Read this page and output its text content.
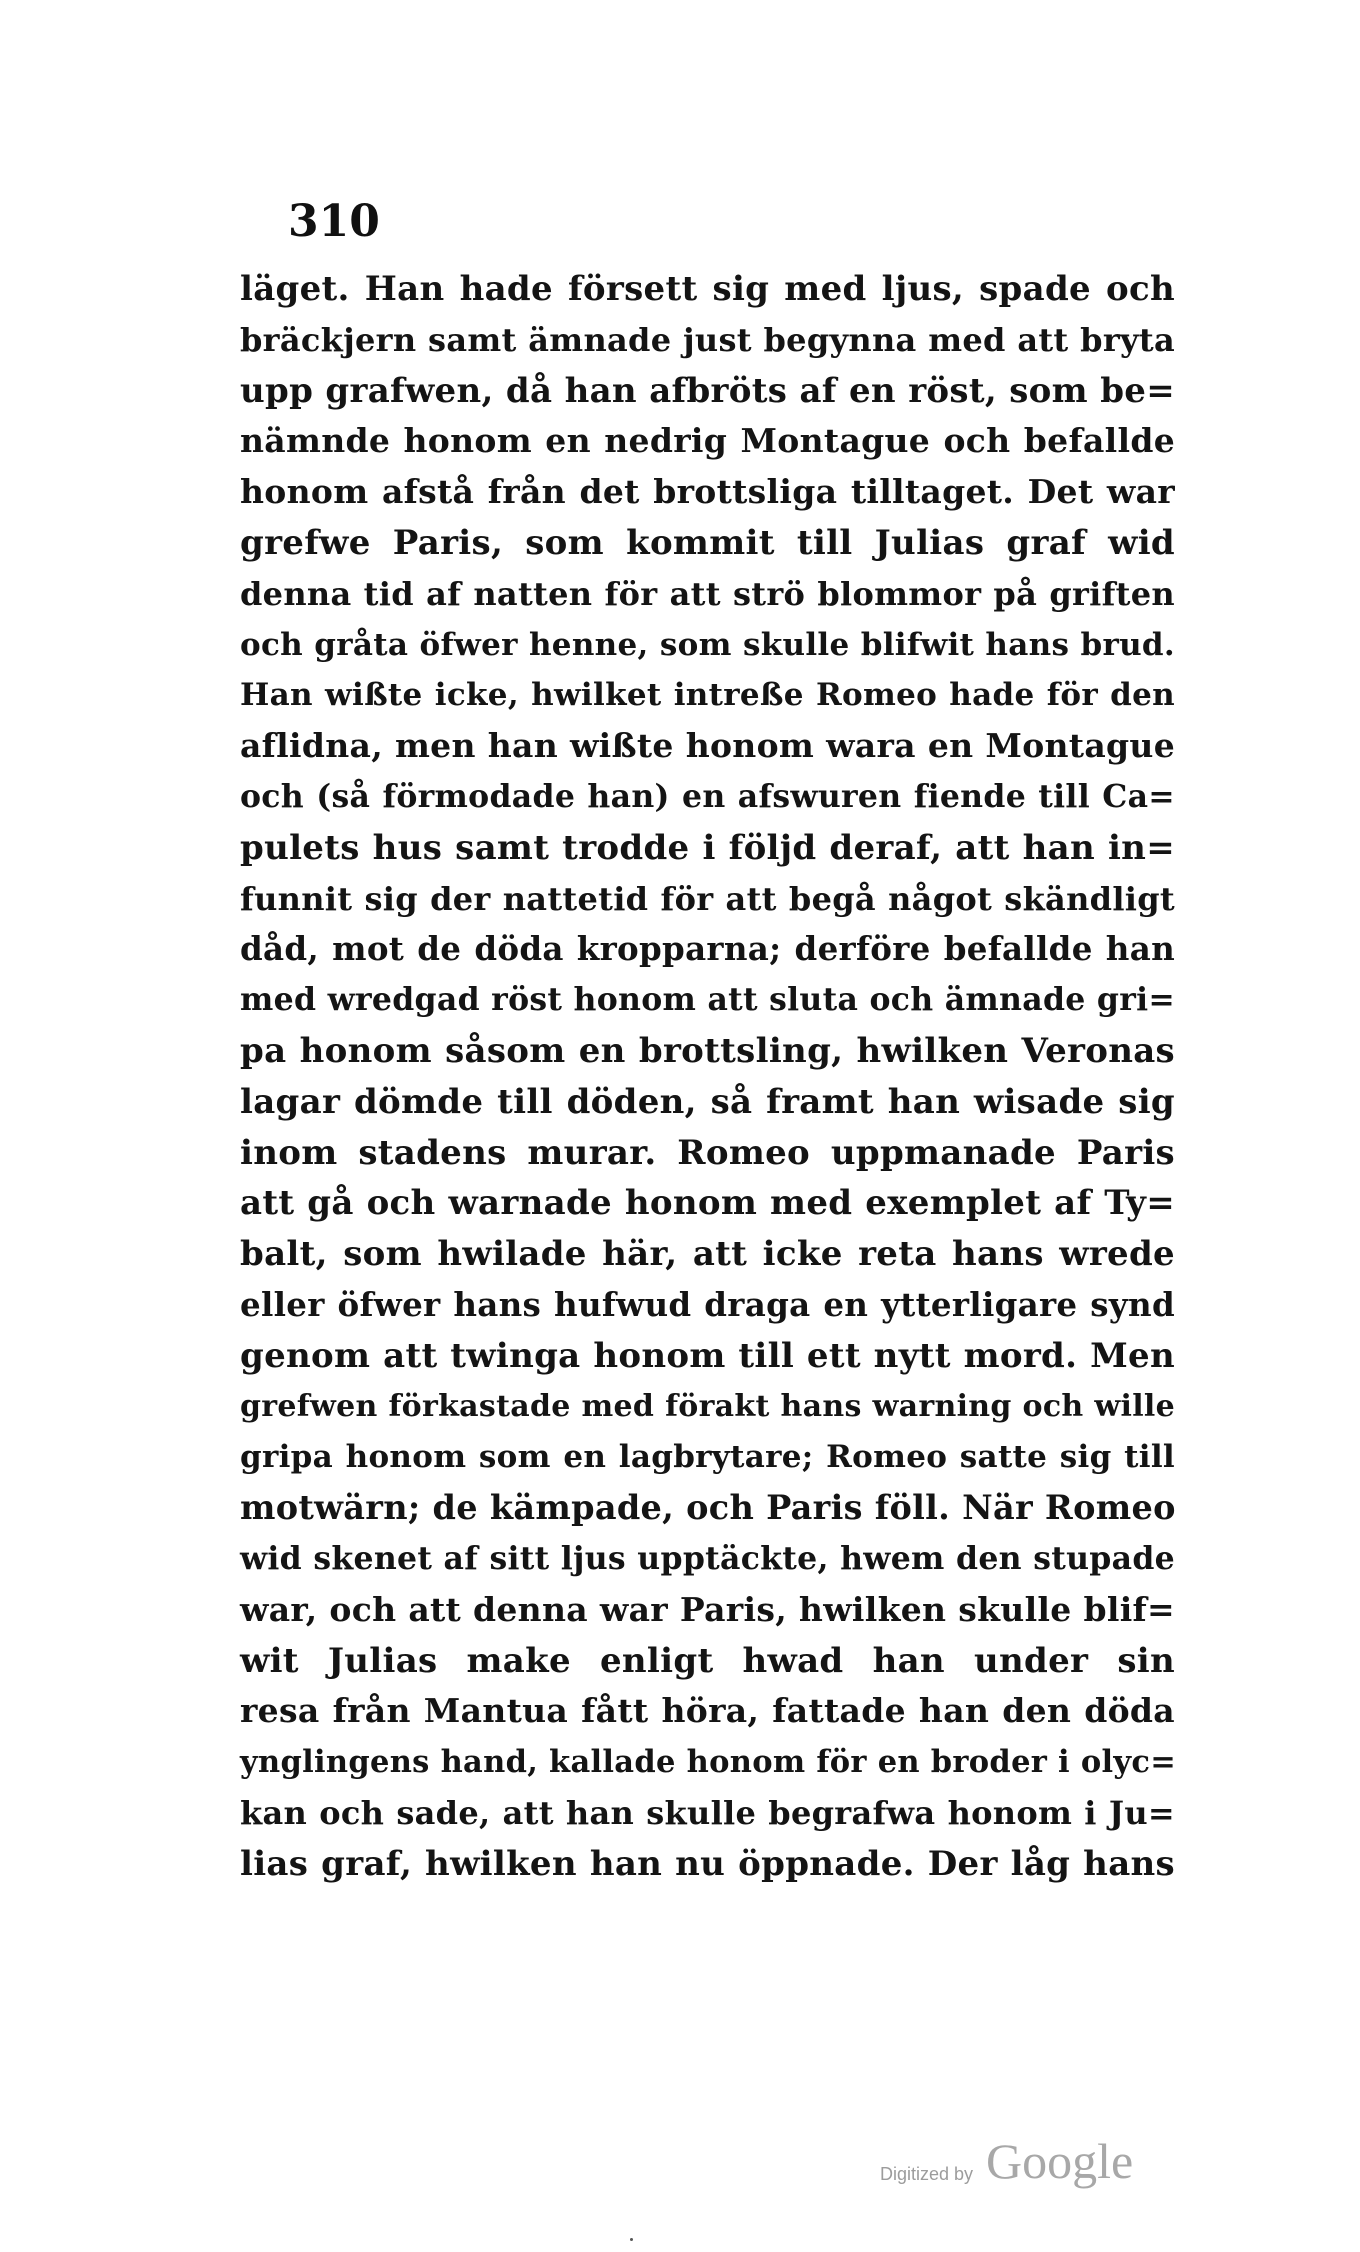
310
läget. Han hade försett sig med ljus, spade och
bräckjern samt ämnade just begynna med att bryta
upp grafwen, då han afbröts af en röst, som be=
nämnde honom en nedrig Montague och befallde
honom afstå från det brottsliga tilltaget. Det war
grefwe Paris, som kommit till Julias graf wid
denna tid af natten för att strö blommor på griften
och gråta öfwer henne, som skulle blifwit hans brud.
Han wißte icke, hwilket intreße Romeo hade för den
aflidna, men han wißte honom wara en Montague
och (så förmodade han) en afswuren fiende till Ca=
pulets hus samt trodde i följd deraf, att han in=
funnit sig der nattetid för att begå något skändligt
dåd, mot de döda kropparna; derföre befallde han
med wredgad röst honom att sluta och ämnade gri=
pa honom såsom en brottsling, hwilken Veronas
lagar dömde till döden, så framt han wisade sig
inom stadens murar. Romeo uppmanade Paris
att gå och warnade honom med exemplet af Ty=
balt, som hwilade här, att icke reta hans wrede
eller öfwer hans hufwud draga en ytterligare synd
genom att twinga honom till ett nytt mord. Men
grefwen förkastade med förakt hans warning och wille
gripa honom som en lagbrytare; Romeo satte sig till
motwärn; de kämpade, och Paris föll. När Romeo
wid skenet af sitt ljus upptäckte, hwem den stupade
war, och att denna war Paris, hwilken skulle blif=
wit Julias make enligt hwad han under sin
resa från Mantua fått höra, fattade han den döda
ynglingens hand, kallade honom för en broder i olyc=
kan och sade, att han skulle begrafwa honom i Ju=
lias graf, hwilken han nu öppnade. Der låg hans
Digitized by Google
